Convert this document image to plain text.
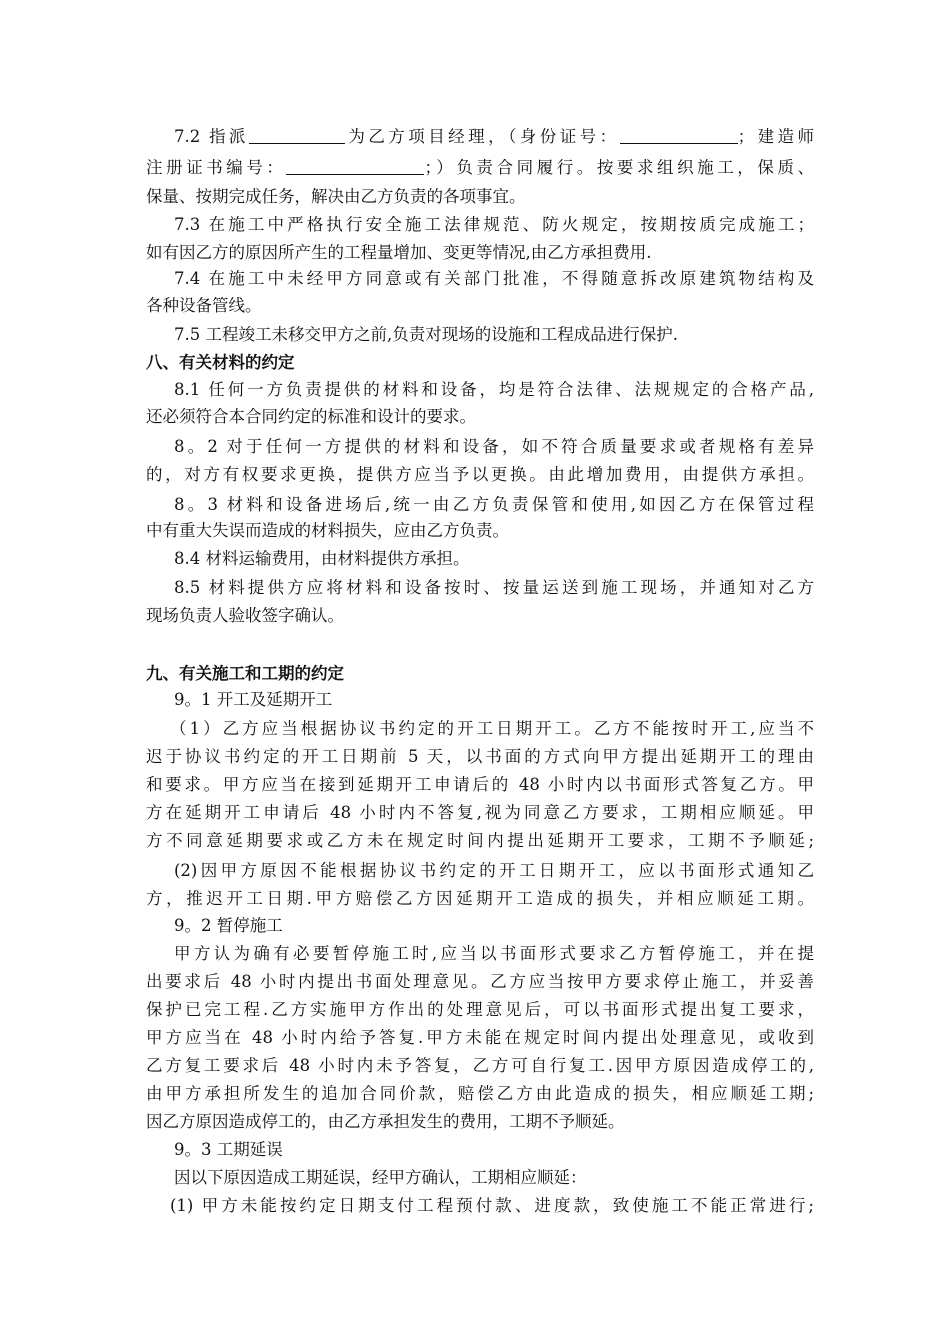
7.2 指派	为乙方项目经理，（身份证号：	；建造师
注册证书编号：	；）负责合同履行。按要求组织施工，保质、
保量、按期完成任务，解决由乙方负责的各项事宜。
7.3 在施工中严格执行安全施工法律规范、防火规定，按期按质完成施工；
如有因乙方的原因所产生的工程量增加、变更等情况,由乙方承担费用.
7.4 在施工中未经甲方同意或有关部门批准，不得随意拆改原建筑物结构及
各种设备管线。
7.5 工程竣工未移交甲方之前,负责对现场的设施和工程成品进行保护.
八、有关材料的约定
8.1 任何一方负责提供的材料和设备，均是符合法律、法规规定的合格产品,
还必须符合本合同约定的标准和设计的要求。
8。2 对于任何一方提供的材料和设备，如不符合质量要求或者规格有差异
的，对方有权要求更换，提供方应当予以更换。由此增加费用，由提供方承担。
8。3 材料和设备进场后,统一由乙方负责保管和使用,如因乙方在保管过程
中有重大失误而造成的材料损失，应由乙方负责。
8.4 材料运输费用，由材料提供方承担。
8.5 材料提供方应将材料和设备按时、按量运送到施工现场，并通知对乙方
现场负责人验收签字确认。
九、有关施工和工期的约定
9。1 开工及延期开工
（1）乙方应当根据协议书约定的开工日期开工。乙方不能按时开工,应当不
迟于协议书约定的开工日期前 5 天，以书面的方式向甲方提出延期开工的理由
和要求。甲方应当在接到延期开工申请后的 48 小时内以书面形式答复乙方。甲
方在延期开工申请后 48 小时内不答复,视为同意乙方要求，工期相应顺延。甲
方不同意延期要求或乙方未在规定时间内提出延期开工要求，工期不予顺延;
(2)因甲方原因不能根据协议书约定的开工日期开工，应以书面形式通知乙
方，推迟开工日期.甲方赔偿乙方因延期开工造成的损失，并相应顺延工期。
9。2 暂停施工
甲方认为确有必要暂停施工时,应当以书面形式要求乙方暂停施工，并在提
出要求后 48 小时内提出书面处理意见。乙方应当按甲方要求停止施工，并妥善
保护已完工程.乙方实施甲方作出的处理意见后，可以书面形式提出复工要求，
甲方应当在 48 小时内给予答复.甲方未能在规定时间内提出处理意见，或收到
乙方复工要求后 48 小时内未予答复，乙方可自行复工.因甲方原因造成停工的,
由甲方承担所发生的追加合同价款，赔偿乙方由此造成的损失，相应顺延工期;
因乙方原因造成停工的，由乙方承担发生的费用，工期不予顺延。
9。3 工期延误
因以下原因造成工期延误，经甲方确认，工期相应顺延：
(1) 甲方未能按约定日期支付工程预付款、进度款，致使施工不能正常进行;
